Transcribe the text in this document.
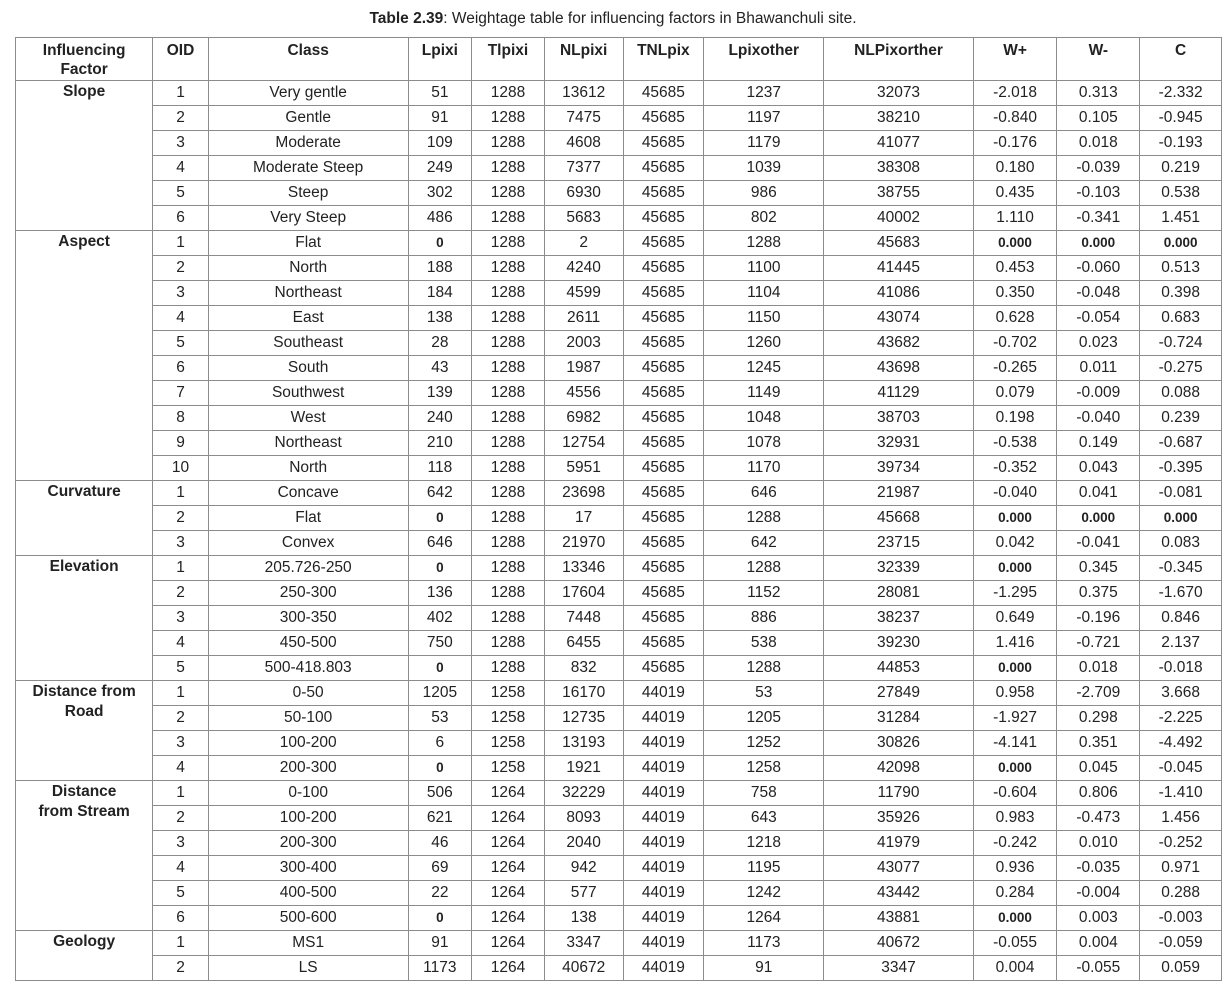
Table 2.39: Weightage table for influencing factors in Bhawanchuli site.
Influencing Factor	OID	Class	Lpixi	Tlpixi	NLpixi	TNLpix	Lpixother	NLPixorther	W+	W-	C
Slope	1	Very gentle	51	1288	13612	45685	1237	32073	-2.018	0.313	-2.332
	2	Gentle	91	1288	7475	45685	1197	38210	-0.840	0.105	-0.945
	3	Moderate	109	1288	4608	45685	1179	41077	-0.176	0.018	-0.193
	4	Moderate Steep	249	1288	7377	45685	1039	38308	0.180	-0.039	0.219
	5	Steep	302	1288	6930	45685	986	38755	0.435	-0.103	0.538
	6	Very Steep	486	1288	5683	45685	802	40002	1.110	-0.341	1.451
Aspect	1	Flat	0	1288	2	45685	1288	45683	0.000	0.000	0.000
	2	North	188	1288	4240	45685	1100	41445	0.453	-0.060	0.513
	3	Northeast	184	1288	4599	45685	1104	41086	0.350	-0.048	0.398
	4	East	138	1288	2611	45685	1150	43074	0.628	-0.054	0.683
	5	Southeast	28	1288	2003	45685	1260	43682	-0.702	0.023	-0.724
	6	South	43	1288	1987	45685	1245	43698	-0.265	0.011	-0.275
	7	Southwest	139	1288	4556	45685	1149	41129	0.079	-0.009	0.088
	8	West	240	1288	6982	45685	1048	38703	0.198	-0.040	0.239
	9	Northeast	210	1288	12754	45685	1078	32931	-0.538	0.149	-0.687
	10	North	118	1288	5951	45685	1170	39734	-0.352	0.043	-0.395
Curvature	1	Concave	642	1288	23698	45685	646	21987	-0.040	0.041	-0.081
	2	Flat	0	1288	17	45685	1288	45668	0.000	0.000	0.000
	3	Convex	646	1288	21970	45685	642	23715	0.042	-0.041	0.083
Elevation	1	205.726-250	0	1288	13346	45685	1288	32339	0.000	0.345	-0.345
	2	250-300	136	1288	17604	45685	1152	28081	-1.295	0.375	-1.670
	3	300-350	402	1288	7448	45685	886	38237	0.649	-0.196	0.846
	4	450-500	750	1288	6455	45685	538	39230	1.416	-0.721	2.137
	5	500-418.803	0	1288	832	45685	1288	44853	0.000	0.018	-0.018
Distance from Road	1	0-50	1205	1258	16170	44019	53	27849	0.958	-2.709	3.668
	2	50-100	53	1258	12735	44019	1205	31284	-1.927	0.298	-2.225
	3	100-200	6	1258	13193	44019	1252	30826	-4.141	0.351	-4.492
	4	200-300	0	1258	1921	44019	1258	42098	0.000	0.045	-0.045
Distance from Stream	1	0-100	506	1264	32229	44019	758	11790	-0.604	0.806	-1.410
	2	100-200	621	1264	8093	44019	643	35926	0.983	-0.473	1.456
	3	200-300	46	1264	2040	44019	1218	41979	-0.242	0.010	-0.252
	4	300-400	69	1264	942	44019	1195	43077	0.936	-0.035	0.971
	5	400-500	22	1264	577	44019	1242	43442	0.284	-0.004	0.288
	6	500-600	0	1264	138	44019	1264	43881	0.000	0.003	-0.003
Geology	1	MS1	91	1264	3347	44019	1173	40672	-0.055	0.004	-0.059
	2	LS	1173	1264	40672	44019	91	3347	0.004	-0.055	0.059
